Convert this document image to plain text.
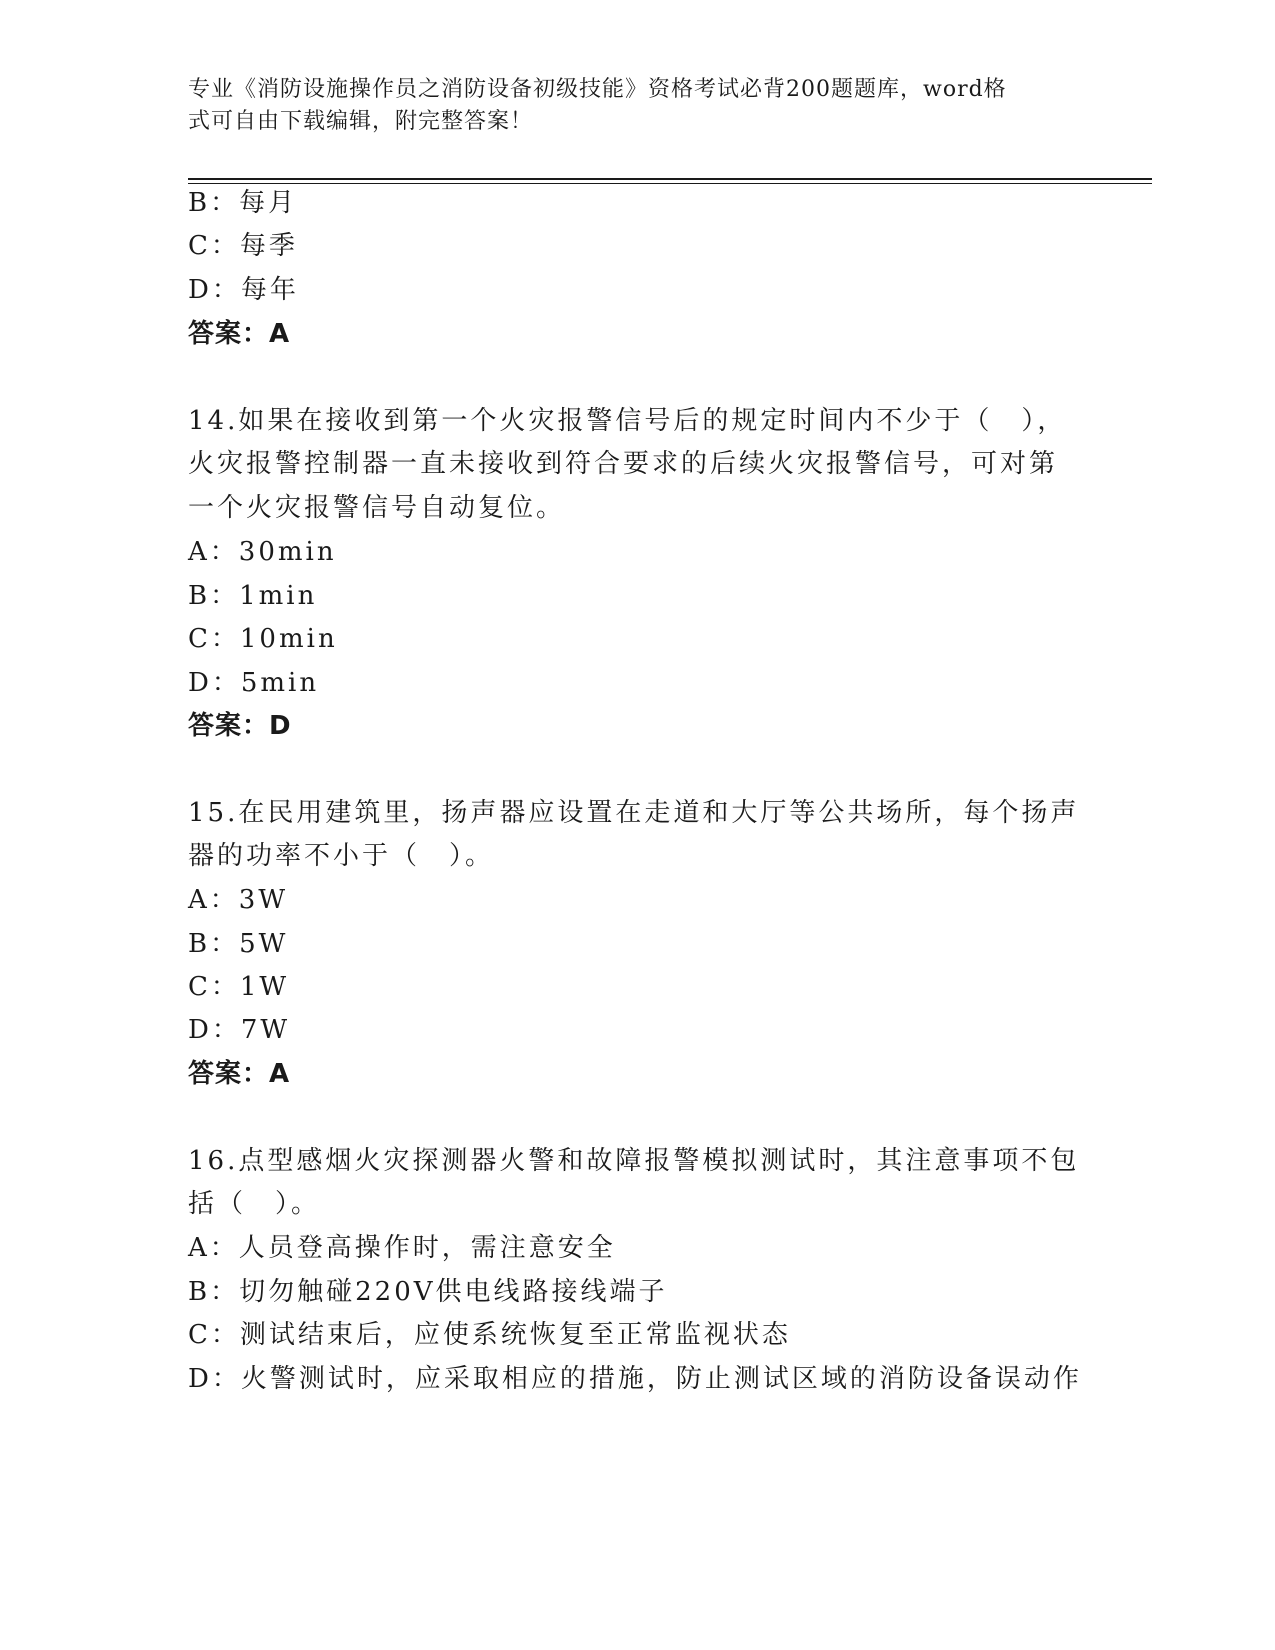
专业《消防设施操作员之消防设备初级技能》资格考试必背200题题库，word格
式可自由下载编辑，附完整答案！
B：每月
C：每季
D：每年
答案：A
14.如果在接收到第一个火灾报警信号后的规定时间内不少于（　），
火灾报警控制器一直未接收到符合要求的后续火灾报警信号，可对第
一个火灾报警信号自动复位。
A：30min
B：1min
C：10min
D：5min
答案：D
15.在民用建筑里，扬声器应设置在走道和大厅等公共场所，每个扬声
器的功率不小于（　）。
A：3W
B：5W
C：1W
D：7W
答案：A
16.点型感烟火灾探测器火警和故障报警模拟测试时，其注意事项不包
括（　）。
A：人员登高操作时，需注意安全
B：切勿触碰220V供电线路接线端子
C：测试结束后，应使系统恢复至正常监视状态
D：火警测试时，应采取相应的措施，防止测试区域的消防设备误动作
